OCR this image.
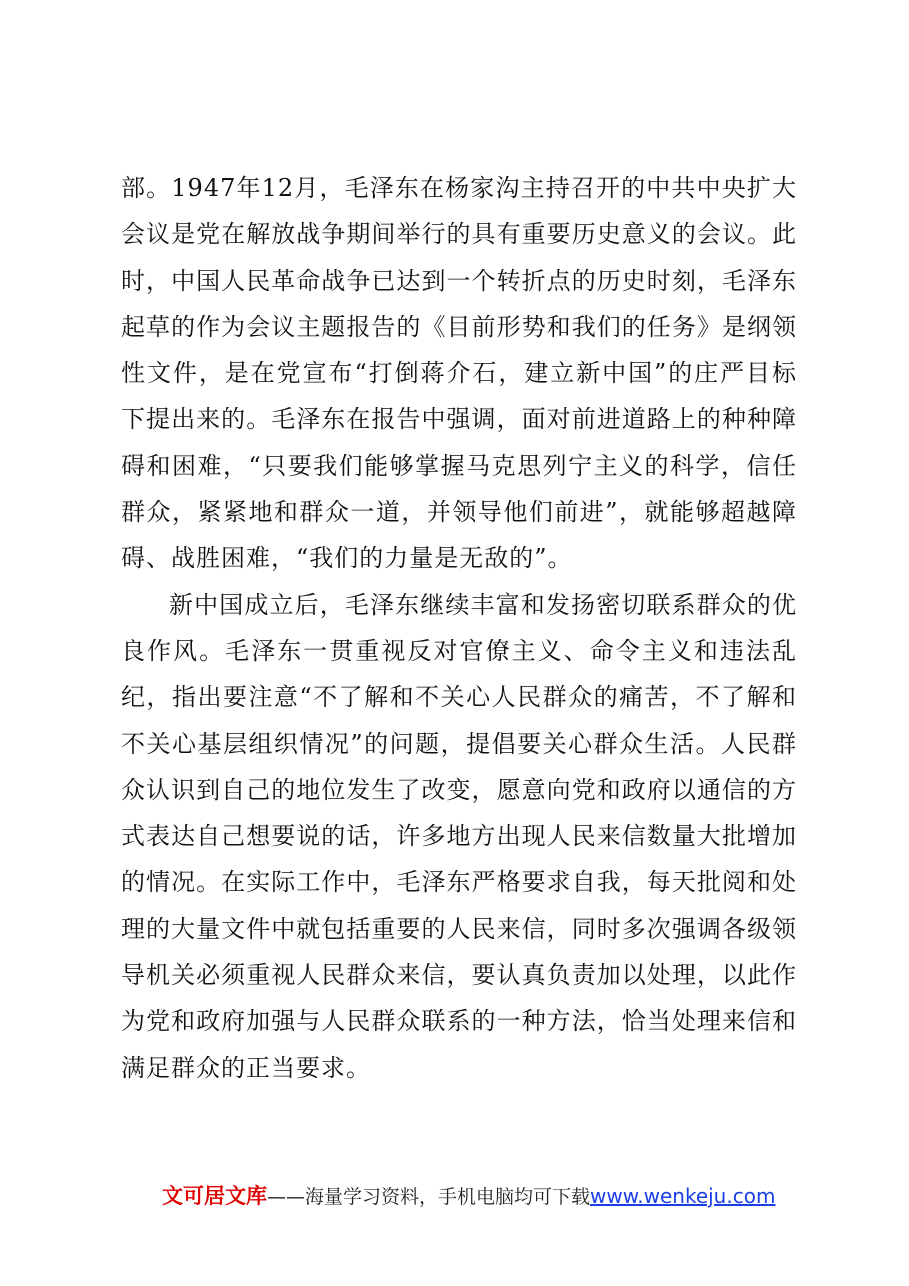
部。1947年12月，毛泽东在杨家沟主持召开的中共中央扩大会议是党在解放战争期间举行的具有重要历史意义的会议。此时，中国人民革命战争已达到一个转折点的历史时刻，毛泽东起草的作为会议主题报告的《目前形势和我们的任务》是纲领性文件，是在党宣布“打倒蒋介石，建立新中国”的庄严目标下提出来的。毛泽东在报告中强调，面对前进道路上的种种障碍和困难，“只要我们能够掌握马克思列宁主义的科学，信任群众，紧紧地和群众一道，并领导他们前进”，就能够超越障碍、战胜困难，“我们的力量是无敌的”。

新中国成立后，毛泽东继续丰富和发扬密切联系群众的优良作风。毛泽东一贯重视反对官僚主义、命令主义和违法乱纪，指出要注意“不了解和不关心人民群众的痛苦，不了解和不关心基层组织情况”的问题，提倡要关心群众生活。人民群众认识到自己的地位发生了改变，愿意向党和政府以通信的方式表达自己想要说的话，许多地方出现人民来信数量大批增加的情况。在实际工作中，毛泽东严格要求自我，每天批阅和处理的大量文件中就包括重要的人民来信，同时多次强调各级领导机关必须重视人民群众来信，要认真负责加以处理，以此作为党和政府加强与人民群众联系的一种方法，恰当处理来信和满足群众的正当要求。

文可居文库——海量学习资料，手机电脑均可下载www.wenkeju.com
